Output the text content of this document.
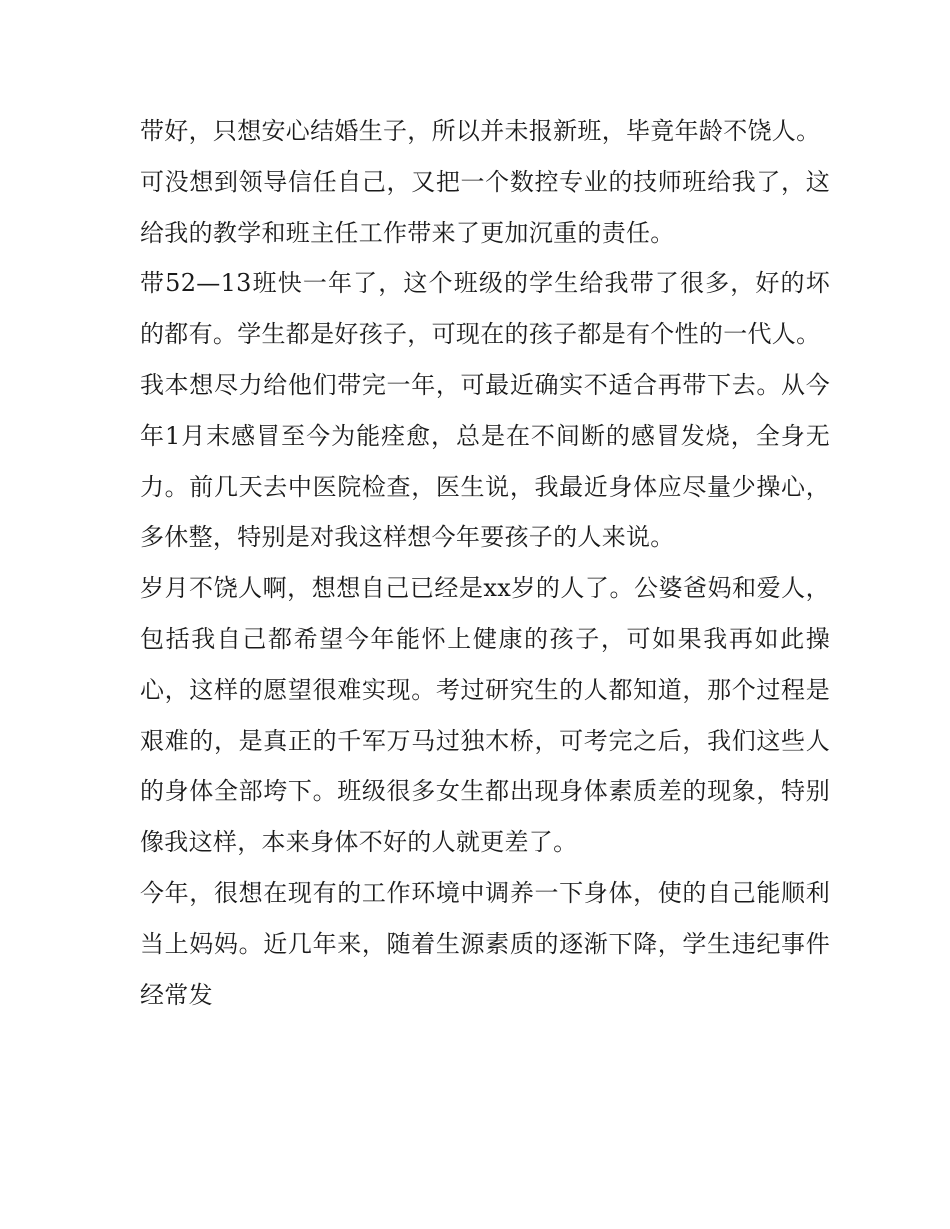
带好，只想安心结婚生子，所以并未报新班，毕竟年龄不饶人。

可没想到领导信任自己，又把一个数控专业的技师班给我了，这给我的教学和班主任工作带来了更加沉重的责任。

带52—13班快一年了，这个班级的学生给我带了很多，好的坏的都有。学生都是好孩子，可现在的孩子都是有个性的一代人。

我本想尽力给他们带完一年，可最近确实不适合再带下去。从今年1月末感冒至今为能痊愈，总是在不间断的感冒发烧，全身无力。前几天去中医院检查，医生说，我最近身体应尽量少操心，多休整，特别是对我这样想今年要孩子的人来说。

岁月不饶人啊，想想自己已经是xx岁的人了。公婆爸妈和爱人，包括我自己都希望今年能怀上健康的孩子，可如果我再如此操心，这样的愿望很难实现。考过研究生的人都知道，那个过程是艰难的，是真正的千军万马过独木桥，可考完之后，我们这些人的身体全部垮下。班级很多女生都出现身体素质差的现象，特别像我这样，本来身体不好的人就更差了。

今年，很想在现有的工作环境中调养一下身体，使的自己能顺利当上妈妈。近几年来，随着生源素质的逐渐下降，学生违纪事件经常发
